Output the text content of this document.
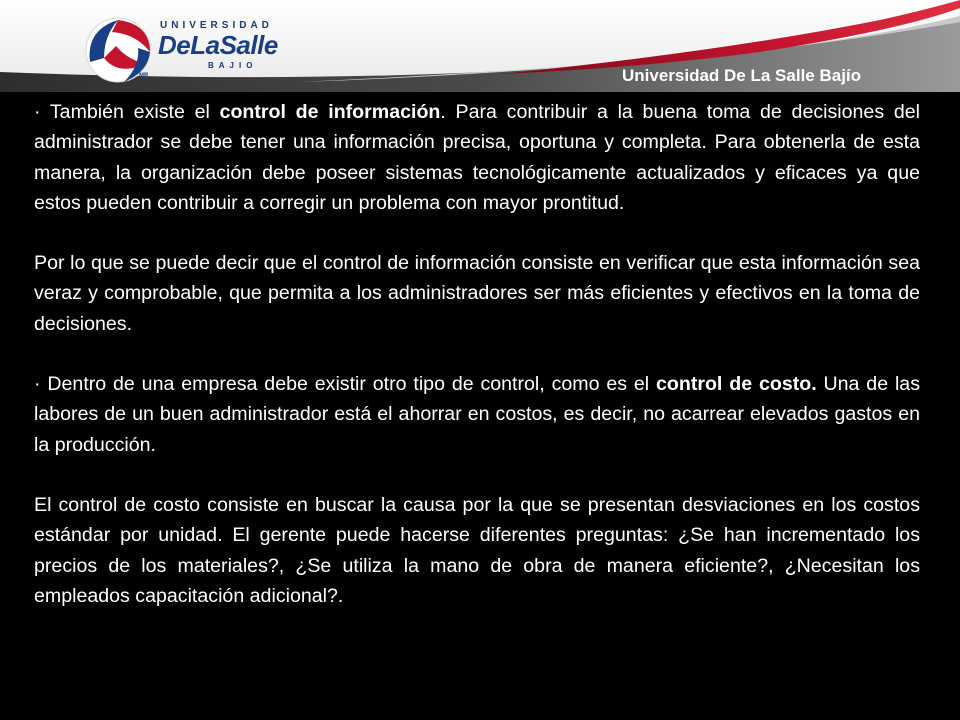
UNIVERSIDAD
DeLaSalle
BAJIO
MR	Universidad De La Salle Bajío

· También existe el control de información. Para contribuir a la buena toma de decisiones del administrador se debe tener una información precisa, oportuna y completa. Para obtenerla de esta manera, la organización debe poseer sistemas tecnológicamente actualizados y eficaces ya que estos pueden contribuir a corregir un problema con mayor prontitud.

Por lo que se puede decir que el control de información consiste en verificar que esta información sea veraz y comprobable, que permita a los administradores ser más eficientes y efectivos en la toma de decisiones.

· Dentro de una empresa debe existir otro tipo de control, como es el control de costo. Una de las labores de un buen administrador está el ahorrar en costos, es decir, no acarrear elevados gastos en la producción.

El control de costo consiste en buscar la causa por la que se presentan desviaciones en los costos estándar por unidad. El gerente puede hacerse diferentes preguntas: ¿Se han incrementado los precios de los materiales?, ¿Se utiliza la mano de obra de manera eficiente?, ¿Necesitan los empleados capacitación adicional?.
